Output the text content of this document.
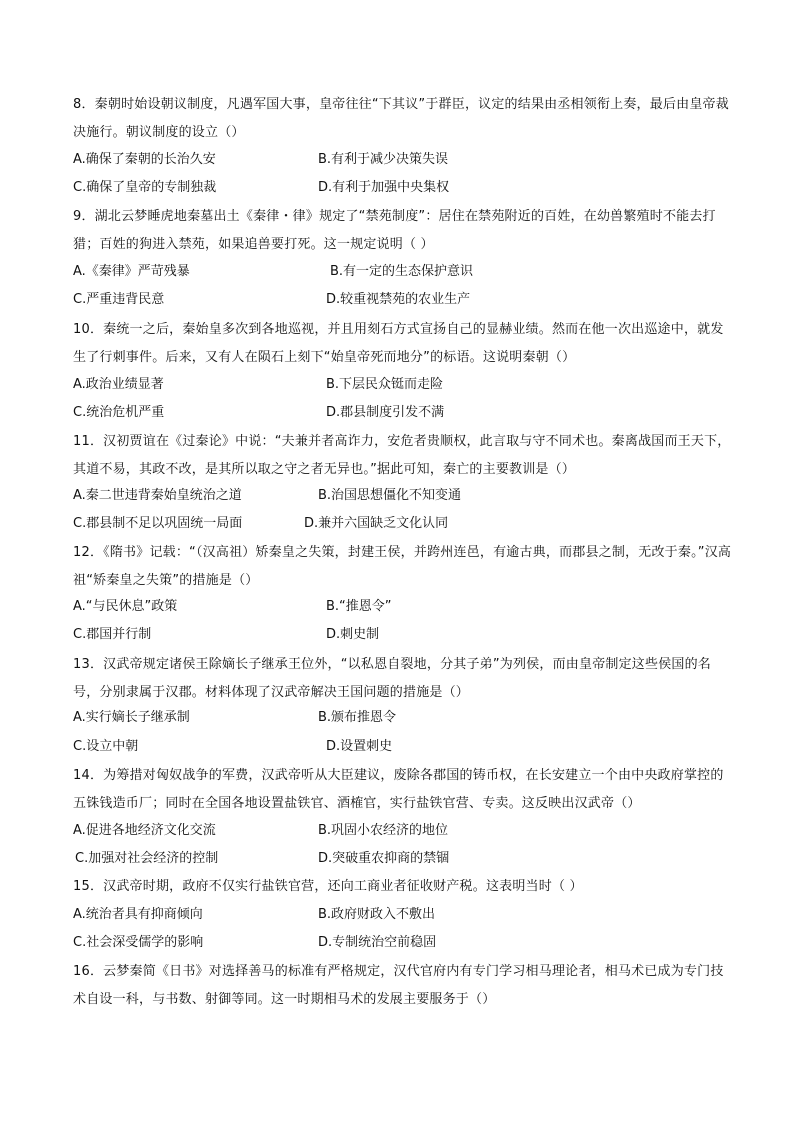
8．秦朝时始设朝议制度，凡遇军国大事，皇帝往往“下其议”于群臣，议定的结果由丞相领衔上奏，最后由皇帝裁决施行。朝议制度的设立（）
A.确保了秦朝的长治久安	B.有利于减少决策失误
C.确保了皇帝的专制独裁	D.有利于加强中央集权
9．湖北云梦睡虎地秦墓出土《秦律・律》规定了“禁苑制度”：居住在禁苑附近的百姓，在幼兽繁殖时不能去打猎；百姓的狗进入禁苑，如果追兽要打死。这一规定说明（ ）
A.《秦律》严苛残暴	B.有一定的生态保护意识
C.严重违背民意	D.较重视禁苑的农业生产
10．秦统一之后，秦始皇多次到各地巡视，并且用刻石方式宣扬自己的显赫业绩。然而在他一次出巡途中，就发生了行刺事件。后来，又有人在陨石上刻下“始皇帝死而地分”的标语。这说明秦朝（）
A.政治业绩显著	B.下层民众铤而走险
C.统治危机严重	D.郡县制度引发不满
11．汉初贾谊在《过秦论》中说：“夫兼并者高诈力，安危者贵顺权，此言取与守不同术也。秦离战国而王天下，其道不易，其政不改，是其所以取之守之者无异也。”据此可知，秦亡的主要教训是（）
A.秦二世违背秦始皇统治之道	B.治国思想僵化不知变通
C.郡县制不足以巩固统一局面	D.兼并六国缺乏文化认同
12．《隋书》记载：“（汉高祖）矫秦皇之失策，封建王侯，并跨州连邑，有逾古典，而郡县之制，无改于秦。”汉高祖“矫秦皇之失策”的措施是（）
A.“与民休息”政策	B.“推恩令”
C.郡国并行制	D.刺史制
13．汉武帝规定诸侯王除嫡长子继承王位外，“以私恩自裂地，分其子弟”为列侯，而由皇帝制定这些侯国的名号，分别隶属于汉郡。材料体现了汉武帝解决王国问题的措施是（）
A.实行嫡长子继承制	B.颁布推恩令
C.设立中朝	D.设置刺史
14．为筹措对匈奴战争的军费，汉武帝听从大臣建议，废除各郡国的铸币权，在长安建立一个由中央政府掌控的五铢钱造币厂；同时在全国各地设置盐铁官、酒榷官，实行盐铁官营、专卖。这反映出汉武帝（）
A.促进各地经济文化交流	B.巩固小农经济的地位
C.加强对社会经济的控制	D.突破重农抑商的禁锢
15．汉武帝时期，政府不仅实行盐铁官营，还向工商业者征收财产税。这表明当时（ ）
A.统治者具有抑商倾向	B.政府财政入不敷出
C.社会深受儒学的影响	D.专制统治空前稳固
16．云梦秦简《日书》对选择善马的标准有严格规定，汉代官府内有专门学习相马理论者，相马术已成为专门技术自设一科，与书数、射御等同。这一时期相马术的发展主要服务于（）
